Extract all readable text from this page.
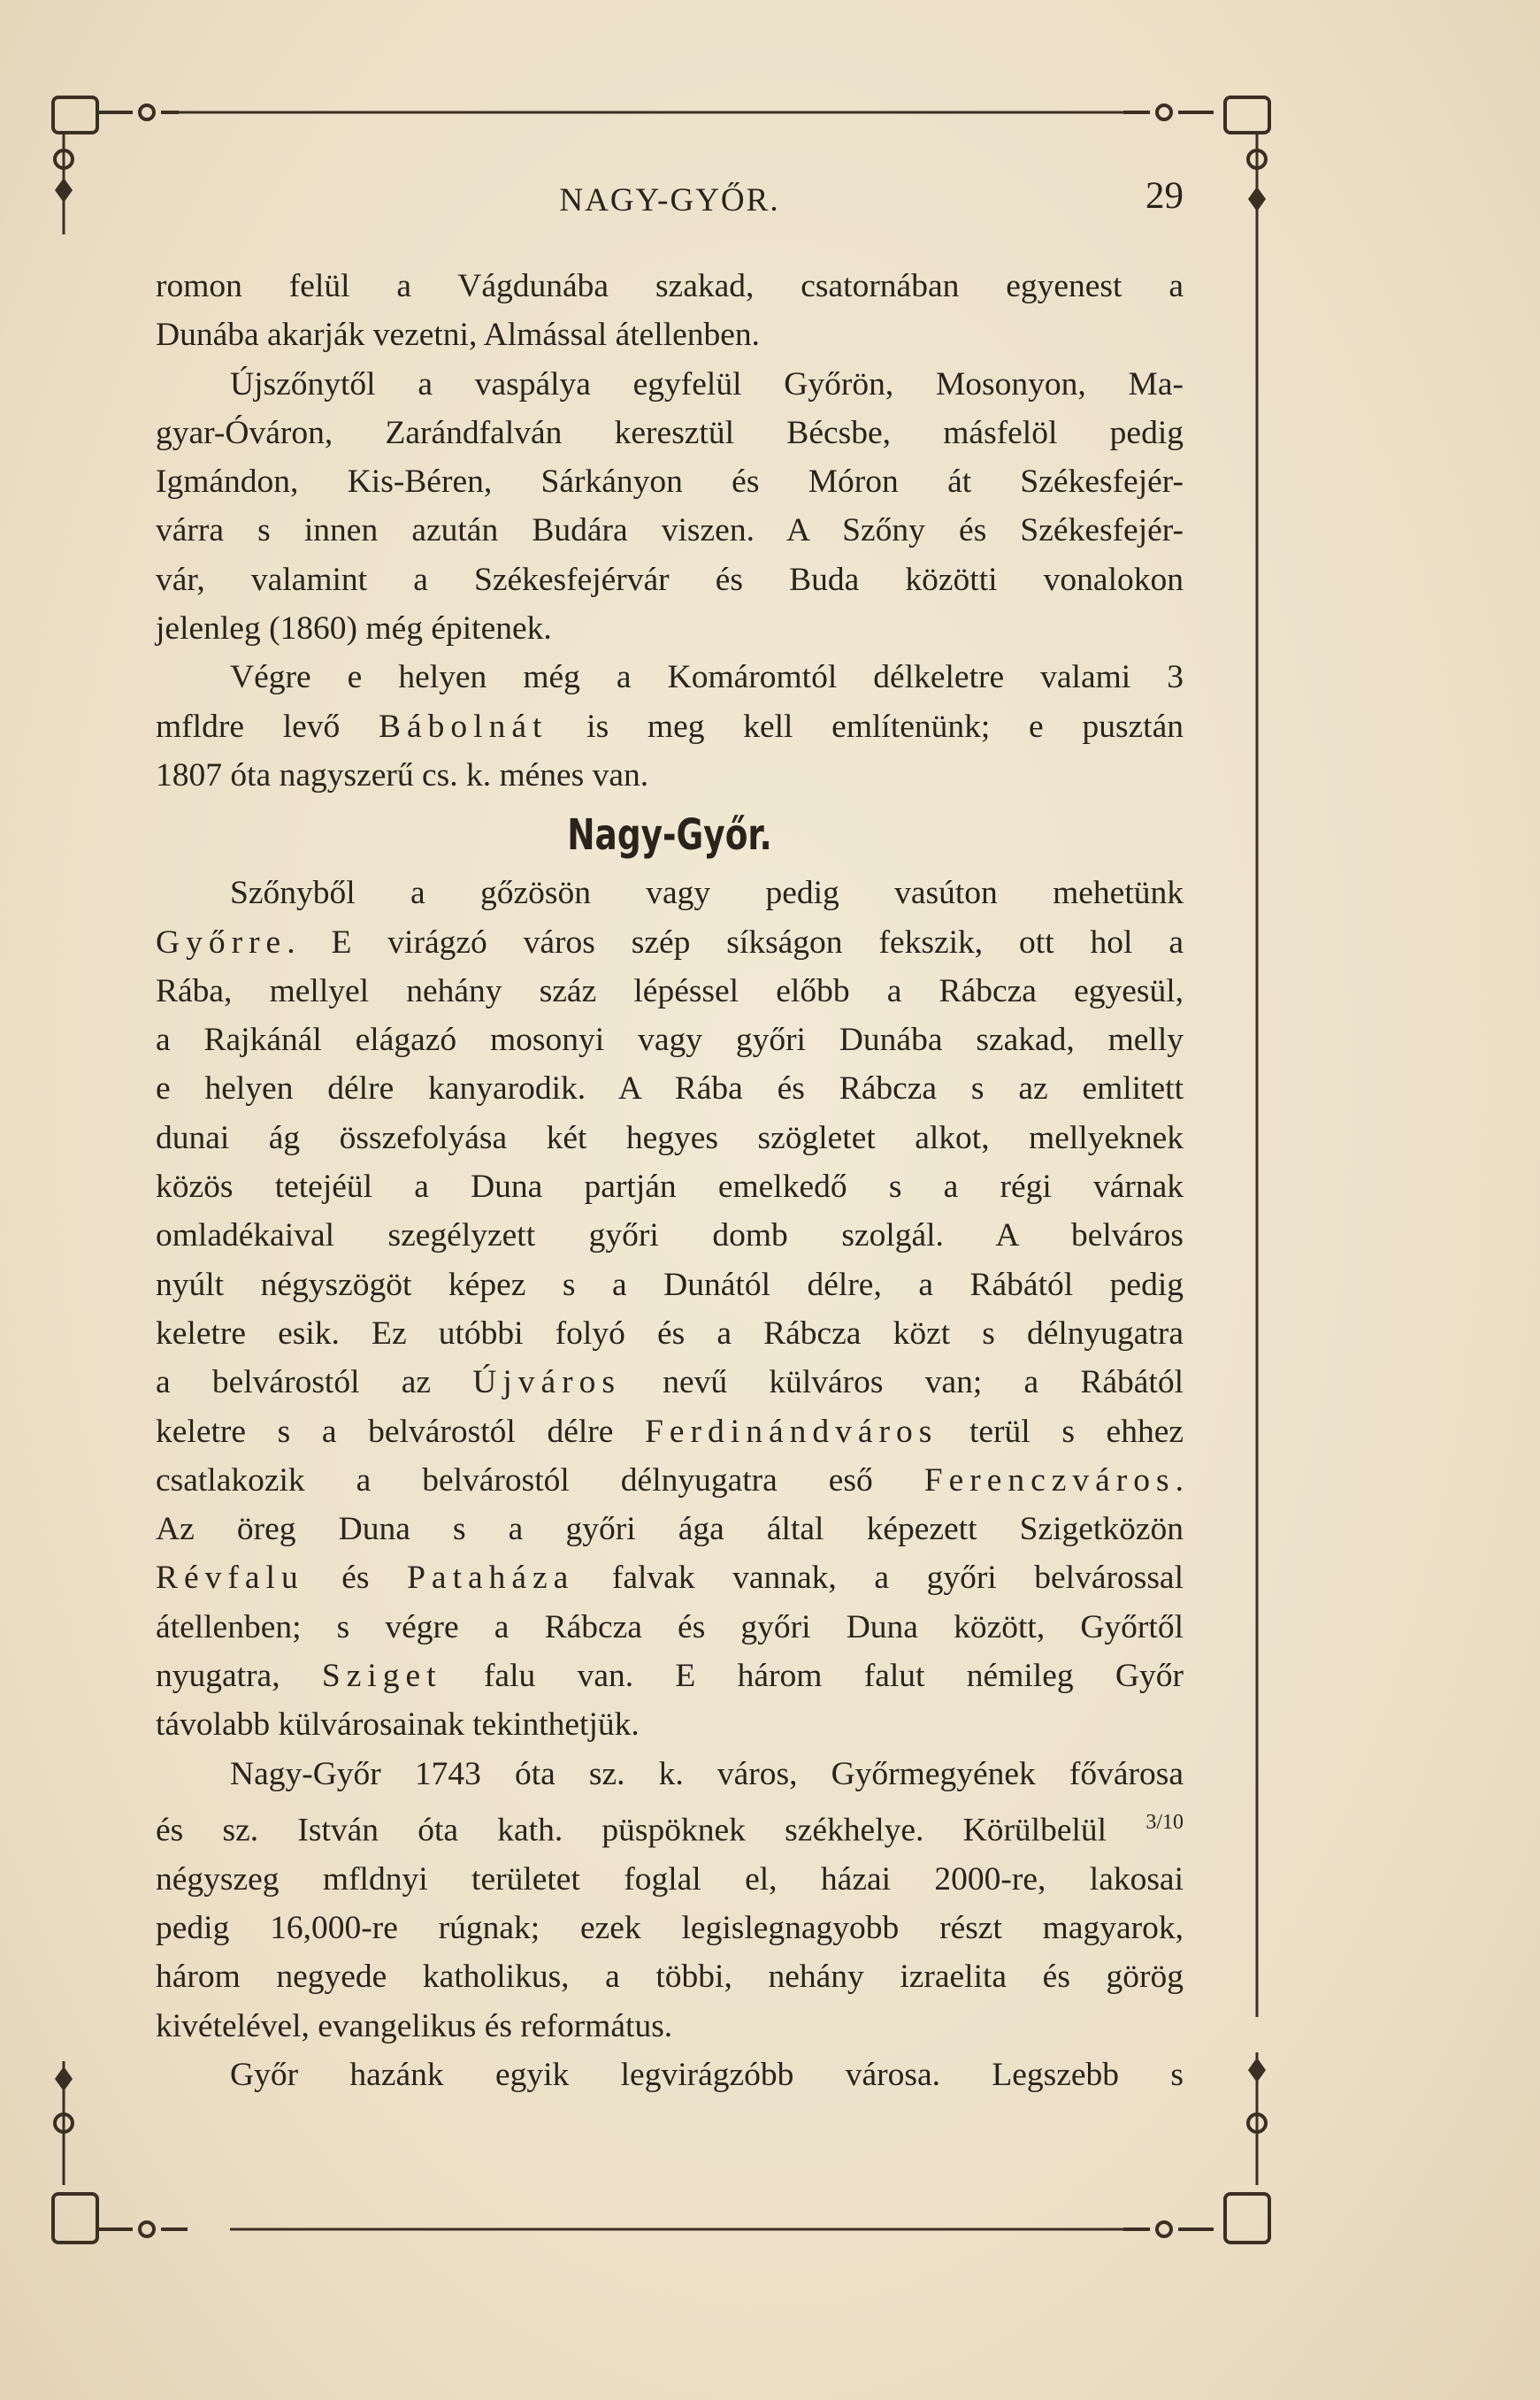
NAGY-GYŐR.	29

romon felül a Vágdunába szakad, csatornában egyenest a

Dunába akarják vezetni, Almással átellenben.

Újszőnytől a vaspálya egyfelül Győrön, Mosonyon, Ma-

gyar-Óváron, Zarándfalván keresztül Bécsbe, másfelöl pedig

Igmándon, Kis-Béren, Sárkányon és Móron át Székesfejér-

várra s innen azután Budára viszen. A Szőny és Székesfejér-

vár, valamint a Székesfejérvár és Buda közötti vonalokon

jelenleg (1860) még épitenek.

Végre e helyen még a Komáromtól délkeletre valami 3

mfldre levő Bábolnát is meg kell említenünk; e pusztán

1807 óta nagyszerű cs. k. ménes van.

Nagy-Győr.

Szőnyből a gőzösön vagy pedig vasúton mehetünk

Győrre. E virágzó város szép síkságon fekszik, ott hol a

Rába, mellyel nehány száz lépéssel előbb a Rábcza egyesül,

a Rajkánál elágazó mosonyi vagy győri Dunába szakad, melly

e helyen délre kanyarodik. A Rába és Rábcza s az emlitett

dunai ág összefolyása két hegyes szögletet alkot, mellyeknek

közös tetejéül a Duna partján emelkedő s a régi várnak

omladékaival szegélyzett győri domb szolgál. A belváros

nyúlt négyszögöt képez s a Dunától délre, a Rábától pedig

keletre esik. Ez utóbbi folyó és a Rábcza közt s délnyugatra

a belvárostól az Újváros nevű külváros van; a Rábától

keletre s a belvárostól délre Ferdinándváros terül s ehhez

csatlakozik a belvárostól délnyugatra eső Ferenczváros.

Az öreg Duna s a győri ága által képezett Szigetközön

Révfalu és Pataháza falvak vannak, a győri belvárossal

átellenben; s végre a Rábcza és győri Duna között, Győrtől

nyugatra, Sziget falu van. E három falut némileg Győr

távolabb külvárosainak tekinthetjük.

Nagy-Győr 1743 óta sz. k. város, Győrmegyének fővárosa

és sz. István óta kath. püspöknek székhelye. Körülbelül $^{3/10}$

négyszeg mfldnyi területet foglal el, házai 2000-re, lakosai

pedig 16,000-re rúgnak; ezek legislegnagyobb részt magyarok,

három negyede katholikus, a többi, nehány izraelita és görög

kivételével, evangelikus és református.

Győr hazánk egyik legvirágzóbb városa. Legszebb s
